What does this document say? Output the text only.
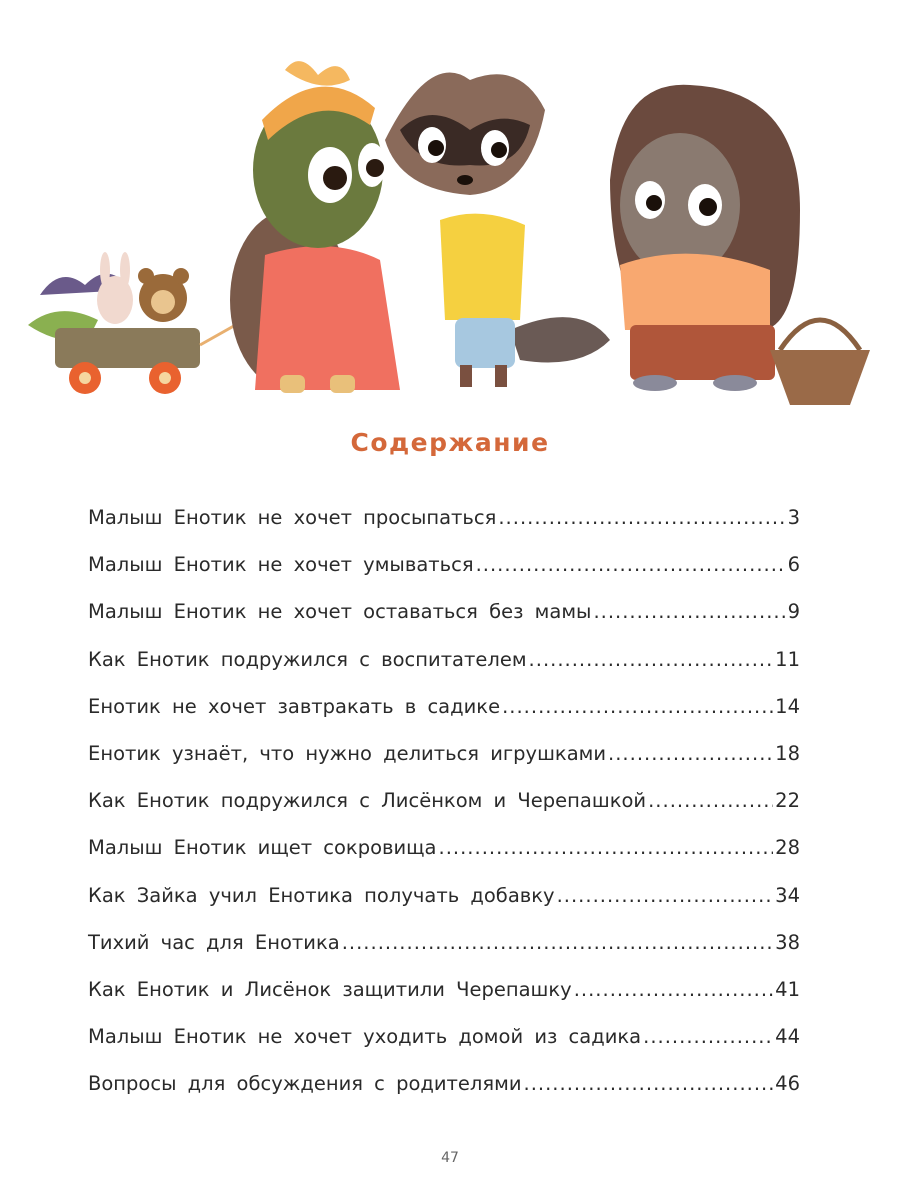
Содержание
Малыш Енотик не хочет просыпаться .....	3
Малыш Енотик не хочет умываться .....	6
Малыш Енотик не хочет оставаться без мамы .....	9
Как Енотик подружился с воспитателем .....	11
Енотик не хочет завтракать в садике .....	14
Енотик узнаёт, что нужно делиться игрушками .....	18
Как Енотик подружился с Лисёнком и Черепашкой .....	22
Малыш Енотик ищет сокровища .....	28
Как Зайка учил Енотика получать добавку .....	34
Тихий час для Енотика .....	38
Как Енотик и Лисёнок защитили Черепашку .....	41
Малыш Енотик не хочет уходить домой из садика .....	44
Вопросы для обсуждения с родителями .....	46
47
